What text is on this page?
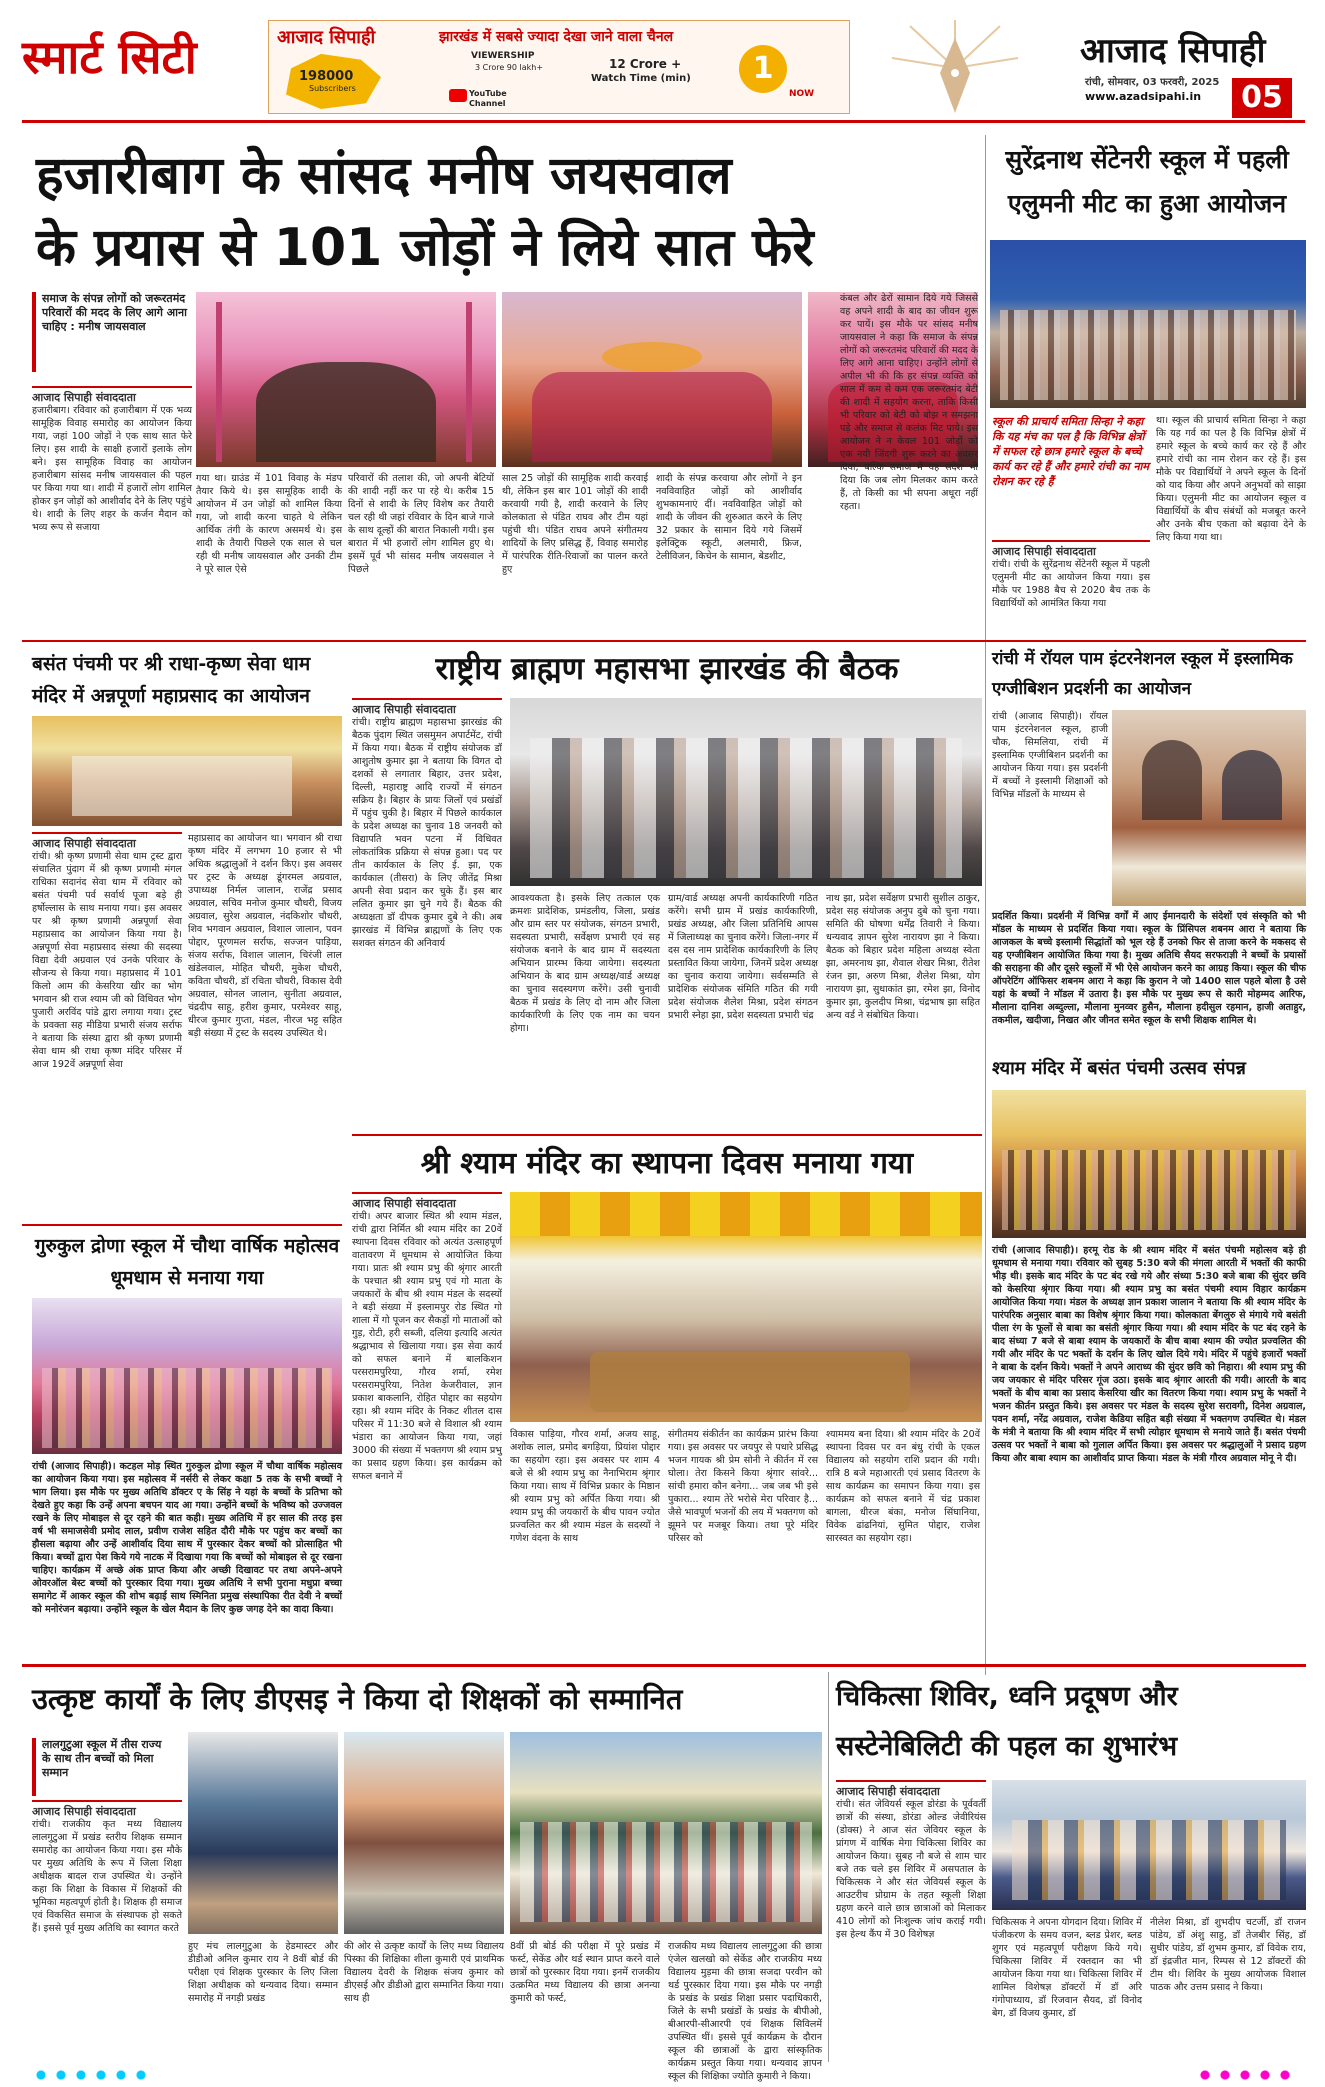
स्मार्ट सिटी	आजाद सिपाही	झारखंड में सबसे ज्यादा देखा जाने वाला चैनल
198000
Subscribers
VIEWERSHIP
3 Crore 90 lakh+	12 Crore +
Watch Time (min)
YouTube Channel
1
NOW
आजाद सिपाही
रांची, सोमवार, 03 फरवरी, 2025
www.azadsipahi.in	05
हजारीबाग के सांसद मनीष जयसवाल
के प्रयास से 101 जोड़ों ने लिये सात फेरे
समाज के संपन्न लोगों को जरूरतमंद परिवारों की मदद के लिए आगे आना चाहिए : मनीष जायसवाल
आजाद सिपाही संवाददाता
हजारीबाग। रविवार को हजारीबाग में एक भव्य सामूहिक विवाह समारोह का आयोजन किया गया, जहां 100 जोड़ों ने एक साथ सात फेरे लिए। इस शादी के साक्षी हजारों इलाके लोग बने। इस सामूहिक विवाह का आयोजन हजारीबाग सांसद मनीष जायसवाल की पहल पर किया गया था। शादी में हजारों लोग शामिल होकर इन जोड़ों को आशीर्वाद देने के लिए पहुंचे थे। शादी के लिए शहर के कर्जन मैदान को भव्य रूप से सजाया
गया था। ग्राउंड में 101 विवाह के मंडप तैयार किये थे। इस सामूहिक शादी के आयोजन में उन जोड़ों को शामिल किया गया, जो शादी करना चाहते थे लेकिन आर्थिक तंगी के कारण असमर्थ थे। इस शादी के तैयारी पिछले एक साल से चल रही थी मनीष जायसवाल और उनकी टीम ने पूरे साल ऐसे
परिवारों की तलाश की, जो अपनी बेटियों की शादी नहीं कर पा रहे थे। करीब 15 दिनों से शादी के लिए विशेष कर तैयारी चल रही थी जहां रविवार के दिन बाजे गाजे के साथ दूल्हों की बारात निकाली गयी। इस बारात में भी हजारों लोग शामिल हुए थे। इसमें पूर्व भी सांसद मनीष जयसवाल ने पिछले
साल 25 जोड़ों की सामूहिक शादी करवाई थी, लेकिन इस बार 101 जोड़ों की शादी करवायी गयी है, शादी करवाने के लिए कोलकाता से पंडित राघव और टीम यहां पहुंची थी। पंडित राघव अपने संगीतमय शादियों के लिए प्रसिद्ध हैं, विवाह समारोह में पारंपरिक रीति-रिवाजों का पालन करते हुए
शादी के संपन्न करवाया और लोगों ने इन नवविवाहित जोड़ों को आशीर्वाद शुभकामनाएं दीं। नवविवाहित जोड़ों को शादी के जीवन की शुरुआत करने के लिए 32 प्रकार के सामान दिये गये जिसमें इलेक्ट्रिक स्कूटी, अलमारी, फ्रिज, टेलीविजन, किचेन के सामान, बेडशीट,
कंबल और ढेरों सामान दिये गये जिससे वह अपने शादी के बाद का जीवन शुरू कर पायें। इस मौके पर सांसद मनीष जायसवाल ने कहा कि समाज के संपन्न लोगों को जरूरतमंद परिवारों की मदद के लिए आगे आना चाहिए। उन्होंने लोगों से अपील भी की कि हर संपन्न व्यक्ति को साल में कम से कम एक जरूरतमंद बेटी की शादी में सहयोग करना, ताकि किसी भी परिवार को बेटी को बोझ न समझना पड़े और समाज से कलंक मिट पाये। इस आयोजन ने न केवल 101 जोड़ों को एक नयी जिंदगी शुरू करने का अवसर दिया, बल्कि समाज में यह संदेश भी दिया कि जब लोग मिलकर काम करते हैं, तो किसी का भी सपना अधूरा नहीं रहता।
सुरेंद्रनाथ सेंटेनरी स्कूल में पहली एलुमनी मीट का हुआ आयोजन
स्कूल की प्राचार्य समिता सिन्हा ने कहा कि यह मंच का पल है कि विभिन्न क्षेत्रों में सफल रहे छात्र हमारे स्कूल के बच्चे कार्य कर रहे हैं और हमारे रांची का नाम रोशन कर रहे हैं
आजाद सिपाही संवाददाता
रांची। रांची के सुरेंद्रनाथ सेंटेनरी स्कूल में पहली एलुमनी मीट का आयोजन किया गया। इस मौके पर 1988 बैच से 2020 बैच तक के विद्यार्थियों को आमंत्रित किया गया
था। स्कूल की प्राचार्य समिता सिन्हा ने कहा कि यह गर्व का पल है कि विभिन्न क्षेत्रों में हमारे स्कूल के बच्चे कार्य कर रहे हैं और हमारे रांची का नाम रोशन कर रहे हैं। इस मौके पर विद्यार्थियों ने अपने स्कूल के दिनों को याद किया और अपने अनुभवों को साझा किया। एलुमनी मीट का आयोजन स्कूल व विद्यार्थियों के बीच संबंधों को मजबूत करने और उनके बीच एकता को बढ़ावा देने के लिए किया गया था।
बसंत पंचमी पर श्री राधा-कृष्ण सेवा धाम मंदिर में अन्नपूर्णा महाप्रसाद का आयोजन
आजाद सिपाही संवाददाता
रांची। श्री कृष्ण प्रणामी सेवा धाम ट्रस्ट द्वारा संचालित पुंदाग में श्री कृष्ण प्रणामी मंगल राधिका सदानंद सेवा धाम में रविवार को बसंत पंचमी पर्व सर्वार्थ पूजा बड़े ही हर्षोल्लास के साथ मनाया गया। इस अवसर पर श्री कृष्ण प्रणामी अन्नपूर्णा सेवा महाप्रसाद का आयोजन किया गया है। अन्नपूर्णा सेवा महाप्रसाद संस्था की सदस्या विद्या देवी अग्रवाल एवं उनके परिवार के सौजन्य से किया गया। महाप्रसाद में 101 किलो आम की केसरिया खीर का भोग भगवान श्री राज श्याम जी को विधिवत भोग पुजारी अरविंद पांडे द्वारा लगाया गया। ट्रस्ट के प्रवक्ता सह मीडिया प्रभारी संजय सर्राफ ने बताया कि संस्था द्वारा श्री कृष्ण प्रणामी सेवा धाम श्री राधा कृष्ण मंदिर परिसर में आज 192वें अन्नपूर्णा सेवा
महाप्रसाद का आयोजन था। भगवान श्री राधा कृष्ण मंदिर में लगभग 10 हजार से भी अधिक श्रद्धालुओं ने दर्शन किए। इस अवसर पर ट्रस्ट के अध्यक्ष डूंगरमल अग्रवाल, उपाध्यक्ष निर्मल जालान, राजेंद्र प्रसाद अग्रवाल, सचिव मनोज कुमार चौधरी, विजय अग्रवाल, सुरेश अग्रवाल, नंदकिशोर चौधरी, शिव भगवान अग्रवाल, विशाल जालान, पवन पोद्दार, पूरणमल सर्राफ, सज्जन पाड़िया, संजय सर्राफ, विशाल जालान, चिरंजी लाल खंडेलवाल, मोहित चौधरी, मुकेश चौधरी, कविता चौधरी, डॉ रचिता चौधरी, विकास देवी अग्रवाल, सोनल जालान, सुनीता अग्रवाल, चंद्रदीप साहू, हरीश कुमार, परमेश्वर साहू, धीरज कुमार गुप्ता, मंडल, नीरज भट्ट सहित बड़ी संख्या में ट्रस्ट के सदस्य उपस्थित थे।
राष्ट्रीय ब्राह्मण महासभा झारखंड की बैठक
आजाद सिपाही संवाददाता
रांची। राष्ट्रीय ब्राह्मण महासभा झारखंड की बैठक पुंदाग स्थित जसमुमन अपार्टमेंट, रांची में किया गया। बैठक में राष्ट्रीय संयोजक डॉ आशुतोष कुमार झा ने बताया कि विगत दो दशकों से लगातार बिहार, उत्तर प्रदेश, दिल्ली, महाराष्ट्र आदि राज्यों में संगठन सक्रिय है। बिहार के प्रायः जिलों एवं प्रखंडों में पहुंच चुकी है। बिहार में पिछले कार्यकाल के प्रदेश अध्यक्ष का चुनाव 18 जनवरी को विद्यापति भवन पटना में विधिवत लोकतांत्रिक प्रक्रिया से संपन्न हुआ। पद पर तीन कार्यकाल के लिए ई. झा, एक कार्यकाल (तीसरा) के लिए जीतेंद्र मिश्रा अपनी सेवा प्रदान कर चुके हैं। इस बार ललित कुमार झा चुने गये हैं। बैठक की अध्यक्षता डॉ दीपक कुमार दुबे ने की। अब झारखंड में विभिन्न ब्राह्मणों के लिए एक सशक्त संगठन की अनिवार्य
आवश्यकता है। इसके लिए तत्काल एक क्रमशः प्रादेशिक, प्रमंडलीय, जिला, प्रखंड और ग्राम स्तर पर संयोजक, संगठन प्रभारी, सदस्यता प्रभारी, सर्वेक्षण प्रभारी एवं सह संयोजक बनाने के बाद ग्राम में सदस्यता अभियान प्रारम्भ किया जायेगा। सदस्यता अभियान के बाद ग्राम अध्यक्ष/वार्ड अध्यक्ष का चुनाव सदस्यगण करेंगे। उसी चुनावी बैठक में प्रखंड के लिए दो नाम और जिला कार्यकारिणी के लिए एक नाम का चयन होगा।
ग्राम/वार्ड अध्यक्ष अपनी कार्यकारिणी गठित करेंगे। सभी ग्राम में प्रखंड कार्यकारिणी, प्रखंड अध्यक्ष, और जिला प्रतिनिधि आपस में जिलाध्यक्ष का चुनाव करेंगे। जिला-नगर में दस दस नाम प्रादेशिक कार्यकारिणी के लिए प्रस्तावित किया जायेगा, जिनमें प्रदेश अध्यक्ष का चुनाव कराया जायेगा। सर्वसम्मति से प्रादेशिक संयोजक संमिति गठित की गयी प्रदेश संयोजक शैलेश मिश्रा, प्रदेश संगठन प्रभारी स्नेहा झा, प्रदेश सदस्यता प्रभारी चंद्र
नाथ झा, प्रदेश सर्वेक्षण प्रभारी सुशील ठाकुर, प्रदेश सह संयोजक अनुप दुबे को चुना गया। समिति की घोषणा धर्मेंद्र तिवारी ने किया। धन्यवाद ज्ञापन सुरेश नारायण झा ने किया। बैठक को बिहार प्रदेश महिला अध्यक्ष स्वेता झा, अमरनाथ झा, शैवाल शेखर मिश्रा, रीतेश रंजन झा, अरुण मिश्रा, शैलेश मिश्रा, योग नारायण झा, सुधाकांत झा, रमेश झा, विनोद कुमार झा, कुलदीप मिश्रा, चंद्रभाष झा सहित अन्य वर्ड ने संबोधित किया।
रांची में रॉयल पाम इंटरनेशनल स्कूल में इस्लामिक एग्जीबिशन प्रदर्शनी का आयोजन
रांची (आजाद सिपाही)। रॉयल पाम इंटरनेशनल स्कूल, हाजी चौक, सिमलिया, रांची में इस्लामिक एग्जीबिशन प्रदर्शनी का आयोजन किया गया। इस प्रदर्शनी में बच्चों ने इस्लामी शिक्षाओं को विभिन्न मॉडलों के माध्यम से
प्रदर्शित किया। प्रदर्शनी में विभिन्न वर्गों में आए ईमानदारी के संदेशों एवं संस्कृति को भी मॉडल के माध्यम से प्रदर्शित किया गया। स्कूल के प्रिंसिपल शबनम आरा ने बताया कि आजकल के बच्चे इस्लामी सिद्धांतों को भूल रहे हैं उनको फिर से ताजा करने के मकसद से यह एग्जीबिशन आयोजित किया गया है। मुख्य अतिथि सैयद सरफराज्ञी ने बच्चों के प्रयासों की सराहना की और दूसरे स्कूलों में भी ऐसे आयोजन करने का आग्रह किया। स्कूल की चीफ ऑपरेटिंग ऑफिसर शबनम आरा ने कहा कि कुरान ने जो 1400 साल पहले बोला है उसे यहां के बच्चों ने मॉडल में उतारा है। इस मौके पर मुख्य रूप से कारी मोहम्मद आरिफ, मौलाना दानिश अब्दुल्ला, मौलाना मुनव्वर हुसैन, मौलाना हदीसुल रहमान, हाजी अताहुर, तकमील, खदीजा, निखत और जीनत समेत स्कूल के सभी शिक्षक शामिल थे।
श्याम मंदिर में बसंत पंचमी उत्सव संपन्न
रांची (आजाद सिपाही)। हरमू रोड के श्री श्याम मंदिर में बसंत पंचमी महोत्सव बड़े ही धूमधाम से मनाया गया। रविवार को सुबह 5:30 बजे की मंगला आरती में भक्तों की काफी भीड़ थी। इसके बाद मंदिर के पट बंद रखे गये और संध्या 5:30 बजे बाबा की सुंदर छवि को केसरिया श्रृंगार किया गया। श्री श्याम प्रभु का बसंत पंचमी श्याम विहार कार्यक्रम आयोजित किया गया। मंडल के अध्यक्ष ज्ञान प्रकाश जालान ने बताया कि श्री श्याम मंदिर के पारंपरिक अनुसार बाबा का विशेष श्रृंगार किया गया। कोलकाता बेंगलुरु से मंगाये गये बसंती पीला रंग के फूलों से बाबा का बसंती श्रृंगार किया गया। श्री श्याम मंदिर के पट बंद रहने के बाद संध्या 7 बजे से बाबा श्याम के जयकारों के बीच बाबा श्याम की ज्योत प्रज्वलित की गयी और मंदिर के पट भक्तों के दर्शन के लिए खोल दिये गये। मंदिर में पहुंचे हजारों भक्तों ने बाबा के दर्शन किये। भक्तों ने अपने आराध्य की सुंदर छवि को निहारा। श्री श्याम प्रभु की जय जयकार से मंदिर परिसर गूंज उठा। इसके बाद श्रृंगार आरती की गयी। आरती के बाद भक्तों के बीच बाबा का प्रसाद केसरिया खीर का वितरण किया गया। श्याम प्रभु के भक्तों ने भजन कीर्तन प्रस्तुत किये। इस अवसर पर मंडल के सदस्य सुरेश सरावगी, दिनेश अग्रवाल, पवन शर्मा, नरेंद्र अग्रवाल, राजेश केडिया सहित बड़ी संख्या में भक्तगण उपस्थित थे। मंडल के मंत्री ने बताया कि श्री श्याम मंदिर में सभी त्योहार धूमधाम से मनाये जाते हैं। बसंत पंचमी उत्सव पर भक्तों ने बाबा को गुलाल अर्पित किया। इस अवसर पर श्रद्धालुओं ने प्रसाद ग्रहण किया और बाबा श्याम का आशीर्वाद प्राप्त किया। मंडल के मंत्री गौरव अग्रवाल मोनू ने दी।
गुरुकुल द्रोणा स्कूल में चौथा वार्षिक महोत्सव धूमधाम से मनाया गया
रांची (आजाद सिपाही)। कटहल मोड़ स्थित गुरुकुल द्रोणा स्कूल में चौथा वार्षिक महोत्सव का आयोजन किया गया। इस महोत्सव में नर्सरी से लेकर कक्षा 5 तक के सभी बच्चों ने भाग लिया। इस मौके पर मुख्य अतिथि डॉक्टर ए के सिंह ने यहां के बच्चों के प्रतिभा को देखते हुए कहा कि उन्हें अपना बचपन याद आ गया। उन्होंने बच्चों के भविष्य को उज्जवल रखने के लिए मोबाइल से दूर रहने की बात कही। मुख्य अतिथि में हर साल की तरह इस वर्ष भी समाजसेवी प्रमोद लाल, प्रवीण राजेश सहित दौरी मौके पर पहुंच कर बच्चों का हौसला बढ़ाया और उन्हें आशीर्वाद दिया साथ में पुरस्कार देकर बच्चों को प्रोत्साहित भी किया। बच्चों द्वारा पेश किये गये नाटक में दिखाया गया कि बच्चों को मोबाइल से दूर रखना चाहिए। कार्यक्रम में अच्छे अंक प्राप्त किया और अच्छी दिखावट पर तथा अपने-अपने ओवरऑल बेस्ट बच्चों को पुरस्कार दिया गया। मुख्य अतिथि ने सभी पुराना मधुप्रा बच्चा समागेट में आकर स्कूल की शोभ बढ़ाई साथ स्मिनिता प्रमुख संस्थापिका रीत देवी ने बच्चों को मनोरंजन बढ़ाया। उन्होंने स्कूल के खेल मैदान के लिए कुछ जगह देने का वादा किया।
श्री श्याम मंदिर का स्थापना दिवस मनाया गया
आजाद सिपाही संवाददाता
रांची। अपर बाजार स्थित श्री श्याम मंडल, रांची द्वारा निर्मित श्री श्याम मंदिर का 20वें स्थापना दिवस रविवार को अत्यंत उत्साहपूर्ण वातावरण में धूमधाम से आयोजित किया गया। प्रातः श्री श्याम प्रभु की श्रृंगार आरती के पश्चात श्री श्याम प्रभु एवं गो माता के जयकारों के बीच श्री श्याम मंडल के सदस्यों ने बड़ी संख्या में इस्लामपुर रोड स्थित गो शाला में गो पूजन कर सैकड़ों गो माताओं को गुड़, रोटी, हरी सब्जी, दलिया इत्यादि अत्यंत श्रद्धाभाव से खिलाया गया। इस सेवा कार्य को सफल बनाने में बालकिशन परसरामपुरिया, गौरव शर्मा, रमेश परसरामपुरिया, नितेश केजरीवाल, ज्ञान प्रकाश बाकलानि, रोहित पोद्दार का सहयोग रहा। श्री श्याम मंदिर के निकट शीतल दास परिसर में 11:30 बजे से विशाल श्री श्याम भंडारा का आयोजन किया गया, जहां 3000 की संख्या में भक्तगण श्री श्याम प्रभु का प्रसाद ग्रहण किया। इस कार्यक्रम को सफल बनाने में
विकास पाड़िया, गौरव शर्मा, अजय साहू, अशोक लाल, प्रमोद बगड़िया, प्रियांश पोद्दार का सहयोग रहा। इस अवसर पर शाम 4 बजे से श्री श्याम प्रभु का नैनाभिराम श्रृंगार किया गया। साथ में विभिन्न प्रकार के मिष्ठान श्री श्याम प्रभु को अर्पित किया गया। श्री श्याम प्रभु की जयकारों के बीच पावन ज्योत प्रज्वलित कर श्री श्याम मंडल के सदस्यों ने गणेश वंदना के साथ
संगीतमय संकीर्तन का कार्यक्रम प्रारंभ किया गया। इस अवसर पर जयपुर से पधारे प्रसिद्ध भजन गायक श्री प्रेम सोनी ने कीर्तन में रस घोला। तेरा किसने किया श्रृंगार सांवरे... सांची हमारा कौन बनेगा... जब जब भी इसे पुकारा... श्याम तेरे भरोसे मेरा परिवार है... जैसे भावपूर्ण भजनों की लय में भक्तगण को झूमने पर मजबूर किया। तथा पूरे मंदिर परिसर को
श्याममय बना दिया। श्री श्याम मंदिर के 20वें स्थापना दिवस पर वन बंधु रांची के एकल विद्यालय को सहयोग राशि प्रदान की गयी। रात्रि 8 बजे महाआरती एवं प्रसाद वितरण के साथ कार्यक्रम का समापन किया गया। इस कार्यक्रम को सफल बनाने में चंद्र प्रकाश बागला, धीरज बंका, मनोज सिंघानिया, विवेक ढांढनियां, सुमित पोद्दार, राजेश सारस्वत का सहयोग रहा।
उत्कृष्ट कार्यों के लिए डीएसइ ने किया दो शिक्षकों को सम्मानित
लालगुटुआ स्कूल में तीस राज्य के साथ तीन बच्चों को मिला सम्मान
आजाद सिपाही संवाददाता
रांची। राजकीय कृत मध्य विद्यालय लालगुटुआ में प्रखंड स्तरीय शिक्षक सम्मान समारोह का आयोजन किया गया। इस मौके पर मुख्य अतिथि के रूप में जिला शिक्षा अधीक्षक बादल राज उपस्थित थे। उन्होंने कहा कि शिक्षा के विकास में शिक्षकों की भूमिका महत्वपूर्ण होती है। शिक्षक ही समाज एवं विकसित समाज के संस्थापक हो सकते हैं। इससे पूर्व मुख्य अतिथि का स्वागत करते
हुए मंच लालगुटुआ के हेडमास्टर और डीडीओ अनिल कुमार राय ने 8वीं बोर्ड की परीक्षा एवं शिक्षक पुरस्कार के लिए जिला शिक्षा अधीक्षक को धन्यवाद दिया। सम्मान समारोह में नगड़ी प्रखंड
की ओर से उत्कृष्ट कार्यों के लिए मध्य विद्यालय पिस्का की शिक्षिका शीला कुमारी एवं प्राथमिक विद्यालय देवरी के शिक्षक संजय कुमार को डीएसई और डीडीओ द्वारा सम्मानित किया गया। साथ ही
8वीं प्री बोर्ड की परीक्षा में पूरे प्रखंड में फर्स्ट, सेकेंड और थर्ड स्थान प्राप्त करने वाले छात्रों को पुरस्कार दिया गया। इनमें राजकीय उत्क्रमित मध्य विद्यालय की छात्रा अनन्या कुमारी को फर्स्ट,
राजकीय मध्य विद्यालय लालगुटुआ की छात्रा एंजेल खलखो को सेकेंड और राजकीय मध्य विद्यालय मुड़मा की छात्रा सजदा परवीन को थर्ड पुरस्कार दिया गया। इस मौके पर नगड़ी के प्रखंड के प्रखंड शिक्षा प्रसार पदाधिकारी, जिले के सभी प्रखंडों के प्रखंड के बीपीओ, बीआरपी-सीआरपी एवं शिक्षक सिविलमें उपस्थित थीं। इससे पूर्व कार्यक्रम के दौरान स्कूल की छात्राओं के द्वारा सांस्कृतिक कार्यक्रम प्रस्तुत किया गया। धन्यवाद ज्ञापन स्कूल की शिक्षिका ज्योति कुमारी ने किया।
चिकित्सा शिविर, ध्वनि प्रदूषण और
सस्टेनेबिलिटी की पहल का शुभारंभ
आजाद सिपाही संवाददाता
रांची। संत जेवियर्स स्कूल डोरंडा के पूर्ववर्ती छात्रों की संस्था, डोरंडा ओल्ड जेवीरियंस (डोक्स) ने आज संत जेवियर स्कूल के प्रांगण में वार्षिक मेगा चिकित्सा शिविर का आयोजन किया। सुबह नौ बजे से शाम चार बजे तक चले इस शिविर में असपताल के चिकित्सक ने और संत जेवियर्स स्कूल के आउटरीच प्रोग्राम के तहत स्कूली शिक्षा ग्रहण करने वाले छात्र छात्राओं को मिलाकर 410 लोगों को निःशुल्क जांच कराई गयी। इस हेल्थ कैंप में 30 विशेषज्ञ
चिकित्सक ने अपना योगदान दिया। शिविर में पंजीकरण के समय वजन, ब्लड प्रेशर, ब्लड शुगर एवं महत्वपूर्ण परीक्षण किये गये। चिकित्सा शिविर में रक्तदान का भी आयोजन किया गया था। चिकित्सा शिविर में शामिल विशेषज्ञ डॉक्टरों में डॉ अरि गंगोपाध्याय, डॉ रिजवान सैयद, डॉ विनोद बेग, डॉ विजय कुमार, डॉ
नीलेश मिश्रा, डॉ शुभदीप चटर्जी, डॉ राजन पांडेय, डॉ अंशु साहु, डॉ तेजबीर सिंह, डॉ सुधीर पांडेय, डॉ शुभम कुमार, डॉ विवेक राय, डॉ इंद्रजीत मान, रिम्पस से 12 डॉक्टरों की टीम थी। शिविर के मुख्य आयोजक विशाल पाठक और उत्तम प्रसाद ने किया।
